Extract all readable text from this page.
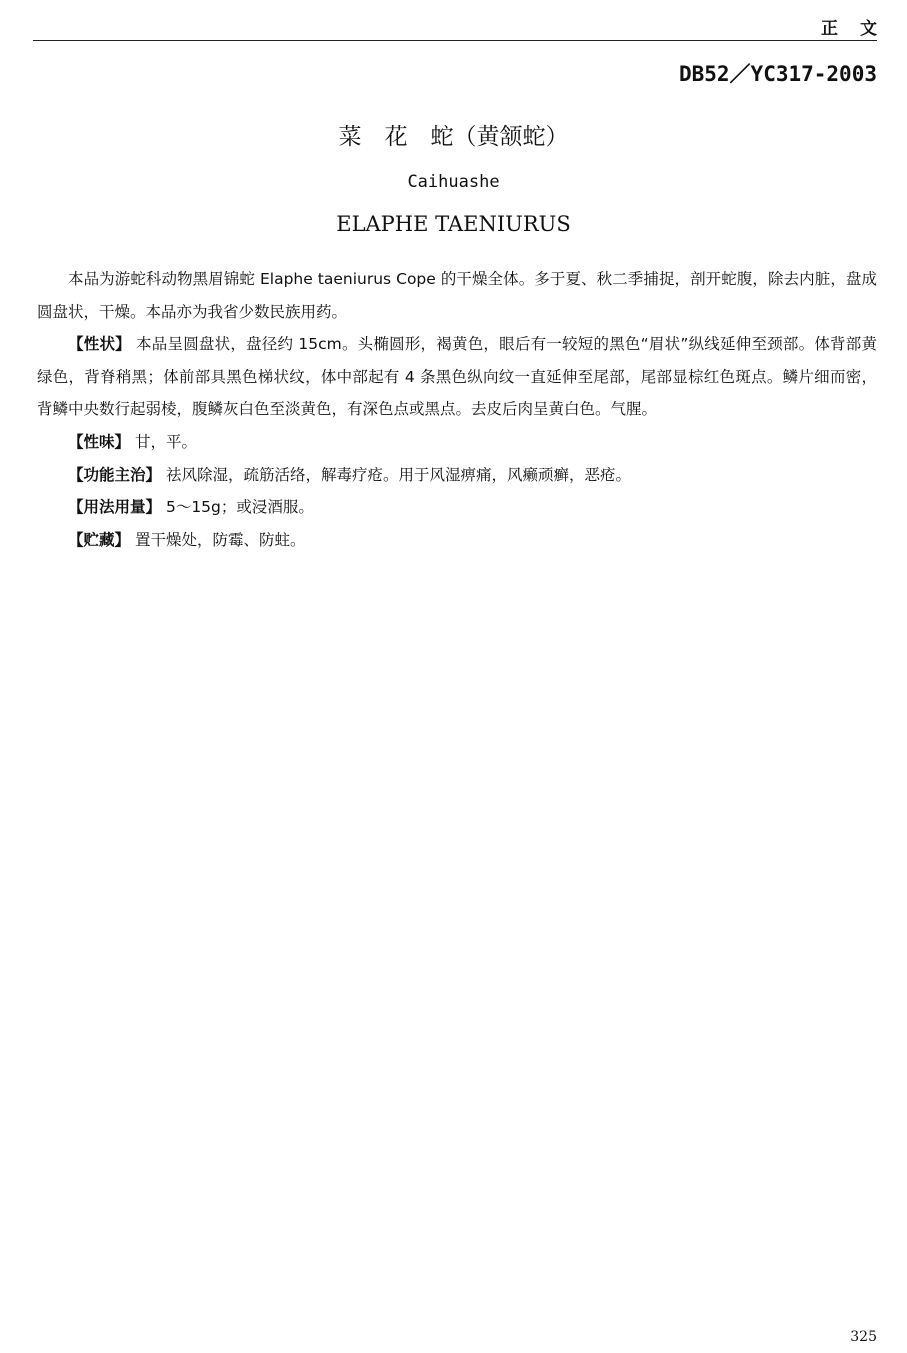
正文
DB52／YC317-2003
菜　花　蛇（黄颔蛇）
Caihuashe
ELAPHE TAENIURUS

本品为游蛇科动物黑眉锦蛇 Elaphe taeniurus Cope 的干燥全体。多于夏、秋二季捕捉，剖开蛇腹，除去内脏，盘成圆盘状，干燥。本品亦为我省少数民族用药。

【性状】 本品呈圆盘状，盘径约 15cm。头椭圆形，褐黄色，眼后有一较短的黑色“眉状”纵线延伸至颈部。体背部黄绿色，背脊稍黑；体前部具黑色梯状纹，体中部起有 4 条黑色纵向纹一直延伸至尾部，尾部显棕红色斑点。鳞片细而密，背鳞中央数行起弱棱，腹鳞灰白色至淡黄色，有深色点或黑点。去皮后肉呈黄白色。气腥。

【性味】 甘，平。

【功能主治】 祛风除湿，疏筋活络，解毒疗疮。用于风湿痹痛，风癞顽癣，恶疮。

【用法用量】 5～15g；或浸酒服。

【贮藏】 置干燥处，防霉、防蛀。

325
